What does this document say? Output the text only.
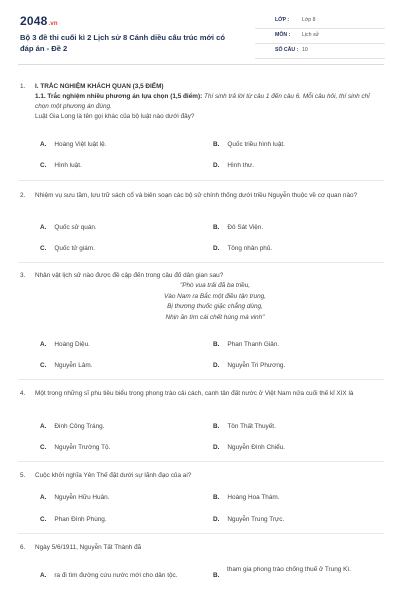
2048.vn
Bộ 3 đề thi cuối kì 2 Lịch sử 8 Cánh diều cấu trúc mới có đáp án - Đề 2
LỚP : Lớp 8
MÔN : Lịch sử
SỐ CÂU : 10
1. I. TRẮC NGHIỆM KHÁCH QUAN (3,5 ĐIỂM)
1.1. Trắc nghiệm nhiều phương án lựa chọn (1,5 điểm): Thí sinh trả lời từ câu 1 đến câu 6. Mỗi câu hỏi, thí sinh chỉ chọn một phương án đúng.
Luật Gia Long là tên gọi khác của bộ luật nào dưới đây?
A. Hoàng Việt luật lệ.	B. Quốc triều hình luật.
C. Hình luật.	D. Hình thư.
2. Nhiệm vụ sưu tầm, lưu trữ sách cổ và biên soạn các bộ sử chính thống dưới triều Nguyễn thuộc về cơ quan nào?
A. Quốc sử quán.	B. Đô Sát Viện.
C. Quốc tử giám.	D. Tông nhân phủ.
3. Nhân vật lịch sử nào được đề cập đến trong câu đố dân gian sau?
"Phò vua trải đã ba triều,
Vào Nam ra Bắc một điều tận trung,
Bị thương thuốc giặc chẳng dùng,
Nhịn ăn tìm cái chết hùng mà vinh"
A. Hoàng Diệu.	B. Phan Thanh Giản.
C. Nguyễn Lâm.	D. Nguyễn Tri Phương.
4. Một trong những sĩ phu tiêu biểu trong phong trào cải cách, canh tân đất nước ở Việt Nam nửa cuối thế kỉ XIX là
A. Đinh Công Tráng.	B. Tôn Thất Thuyết.
C. Nguyễn Trường Tộ.	D. Nguyễn Đình Chiểu.
5. Cuộc khởi nghĩa Yên Thế đặt dưới sự lãnh đạo của ai?
A. Nguyễn Hữu Huân.	B. Hoàng Hoa Thám.
C. Phan Đình Phùng.	D. Nguyễn Trung Trực.
6. Ngày 5/6/1911, Nguyễn Tất Thành đã
A. ra đi tìm đường cứu nước mới cho dân tộc.	B.
tham gia phong trào chống thuế ở Trung Kì.
